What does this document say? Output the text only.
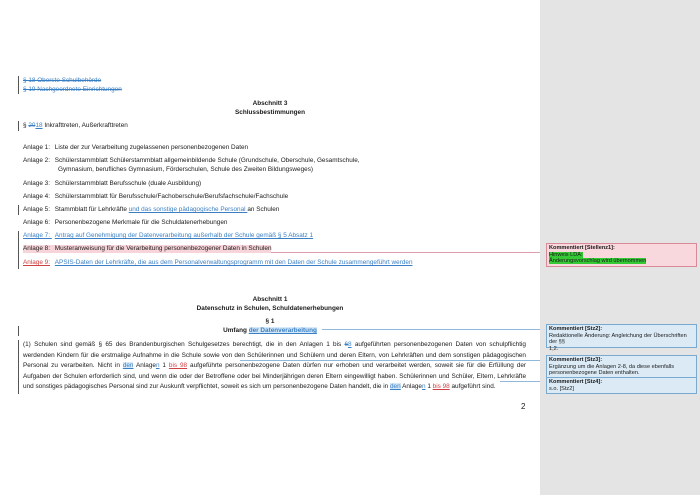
§ 18 Oberste Schulbehörde
§ 19 Nachgeordnete Einrichtungen
Abschnitt 3
Schlussbestimmungen
§ 2018 Inkrafttreten, Außerkrafttreten
Anlage 1: Liste der zur Verarbeitung zugelassenen personenbezogenen Daten
Anlage 2: Schülerstammblatt Schülerstammblatt allgemeinbildende Schule (Grundschule, Oberschule, Gesamtschule,
Gymnasium, berufliches Gymnasium, Förderschulen, Schule des Zweiten Bildungsweges)
Anlage 3: Schülerstammblatt Berufsschule (duale Ausbildung)
Anlage 4: Schülerstammblatt für Berufsschule/Fachoberschule/Berufsfachschule/Fachschule
Anlage 5: Stammblatt für Lehrkräfte und das sonstige pädagogische Personal an Schulen
Anlage 6: Personenbezogene Merkmale für die Schuldatenerhebungen
Anlage 7: Antrag auf Genehmigung der Datenverarbeitung außerhalb der Schule gemäß § 5 Absatz 1
Anlage 8: Musteranweisung für die Verarbeitung personenbezogener Daten in Schulen
Anlage 9: APSIS-Daten der Lehrkräfte, die aus dem Personalverwaltungsprogramm mit den Daten der Schule zusammengeführt werden
Abschnitt 1
Datenschutz in Schulen, Schuldatenerhebungen
§ 1
Umfang der Datenverarbeitung
(1) Schulen sind gemäß § 65 des Brandenburgischen Schulgesetzes berechtigt, die in den Anlagen 1 bis 68 aufgeführten personenbezogenen Daten von schulpflichtig werdenden Kindern für die erstmalige Aufnahme in die Schule sowie von den Schülerinnen und Schülern und deren Eltern, von Lehrkräften und dem sonstigen pädagogischen Personal zu verarbeiten. Nicht in den Anlagen 1 bis 98 aufgeführte personenbezogene Daten dürfen nur erhoben und verarbeitet werden, soweit sie für die Erfüllung der Aufgaben der Schulen erforderlich sind, und wenn die oder der Betroffene oder bei Minderjährigen deren Eltern eingewilligt haben. Schülerinnen und Schüler, Eltern, Lehrkräfte und sonstiges pädagogisches Personal sind zur Auskunft verpflichtet, soweit es sich um personenbezogene Daten handelt, die in den Anlagen 1 bis 98 aufgeführt sind.
2
Kommentiert [Stellenz1]:
Hinweis LDA:
Änderungsvorschlag wird übernommen
Kommentiert [Stz2]:
Redaktionelle Änderung: Angleichung der Überschriften der §§
1,2.
Kommentiert [Stz3]:
Ergänzung um die Anlagen 2-8, da diese ebenfalls
personenbezogene Daten enthalten.
Kommentiert [Stz4]:
s.o. [Stz2]
